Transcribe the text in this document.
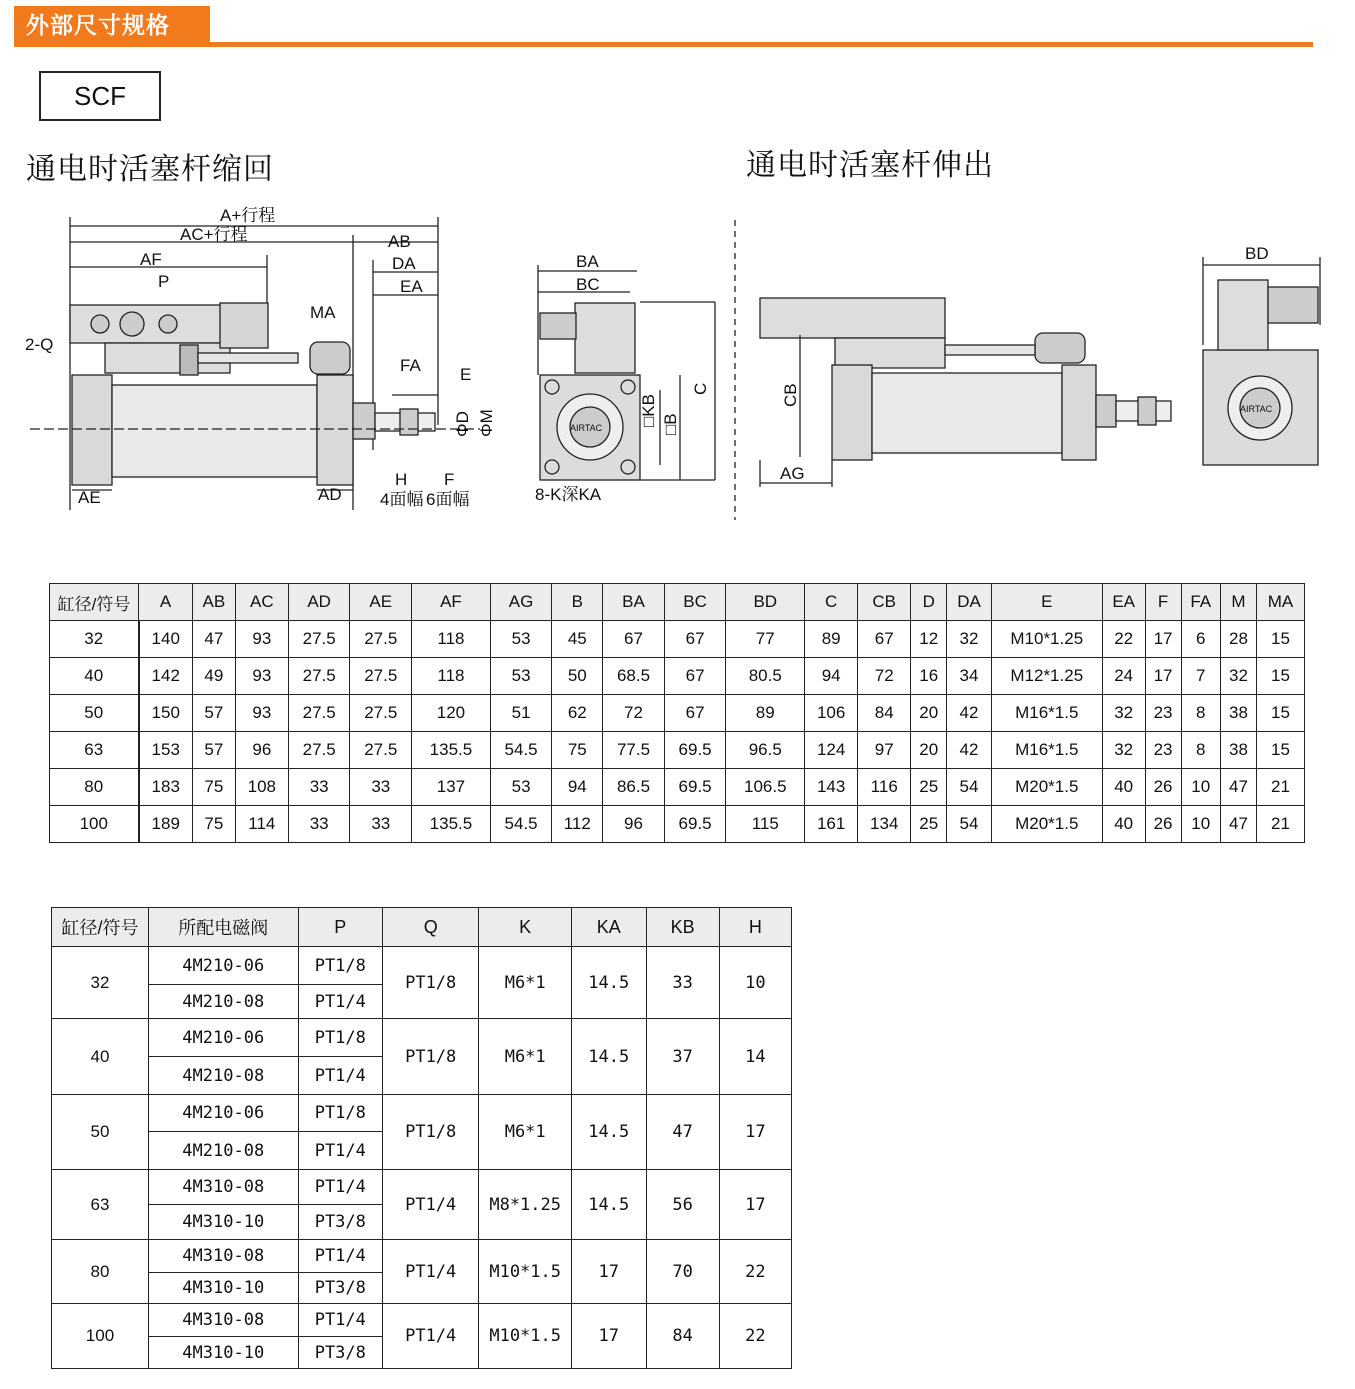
外部尺寸规格
SCF
通电时活塞杆缩回	通电时活塞杆伸出
A+行程
AC+行程	AB
AF
P
DA
EA
MA
2-Q
FA E
ΦD ΦM
H F
4面幅 6面幅
AE	AD
BA
BC
C
□KB □B
8-K深KA
BD
CB
AG
AIRTAC
AIRTAC
缸径/符号	A	AB	AC	AD	AE	AF	AG	B	BA	BC	BD	C	CB	D	DA	E	EA	F	FA	M	MA
32	140	47	93	27.5	27.5	118	53	45	67	67	77	89	67	12	32	M10*1.25	22	17	6	28	15
40	142	49	93	27.5	27.5	118	53	50	68.5	67	80.5	94	72	16	34	M12*1.25	24	17	7	32	15
50	150	57	93	27.5	27.5	120	51	62	72	67	89	106	84	20	42	M16*1.5	32	23	8	38	15
63	153	57	96	27.5	27.5	135.5	54.5	75	77.5	69.5	96.5	124	97	20	42	M16*1.5	32	23	8	38	15
80	183	75	108	33	33	137	53	94	86.5	69.5	106.5	143	116	25	54	M20*1.5	40	26	10	47	21
100	189	75	114	33	33	135.5	54.5	112	96	69.5	115	161	134	25	54	M20*1.5	40	26	10	47	21
缸径/符号	所配电磁阀	P	Q	K	KA	KB	H
32	4M210-06	PT1/8	PT1/8	M6*1	14.5	33	10
	4M210-08	PT1/4					
40	4M210-06	PT1/8	PT1/8	M6*1	14.5	37	14
	4M210-08	PT1/4					
50	4M210-06	PT1/8	PT1/8	M6*1	14.5	47	17
	4M210-08	PT1/4					
63	4M310-08	PT1/4	PT1/4	M8*1.25	14.5	56	17
	4M310-10	PT3/8					
80	4M310-08	PT1/4	PT1/4	M10*1.5	17	70	22
	4M310-10	PT3/8					
100	4M310-08	PT1/4	PT1/4	M10*1.5	17	84	22
	4M310-10	PT3/8					
